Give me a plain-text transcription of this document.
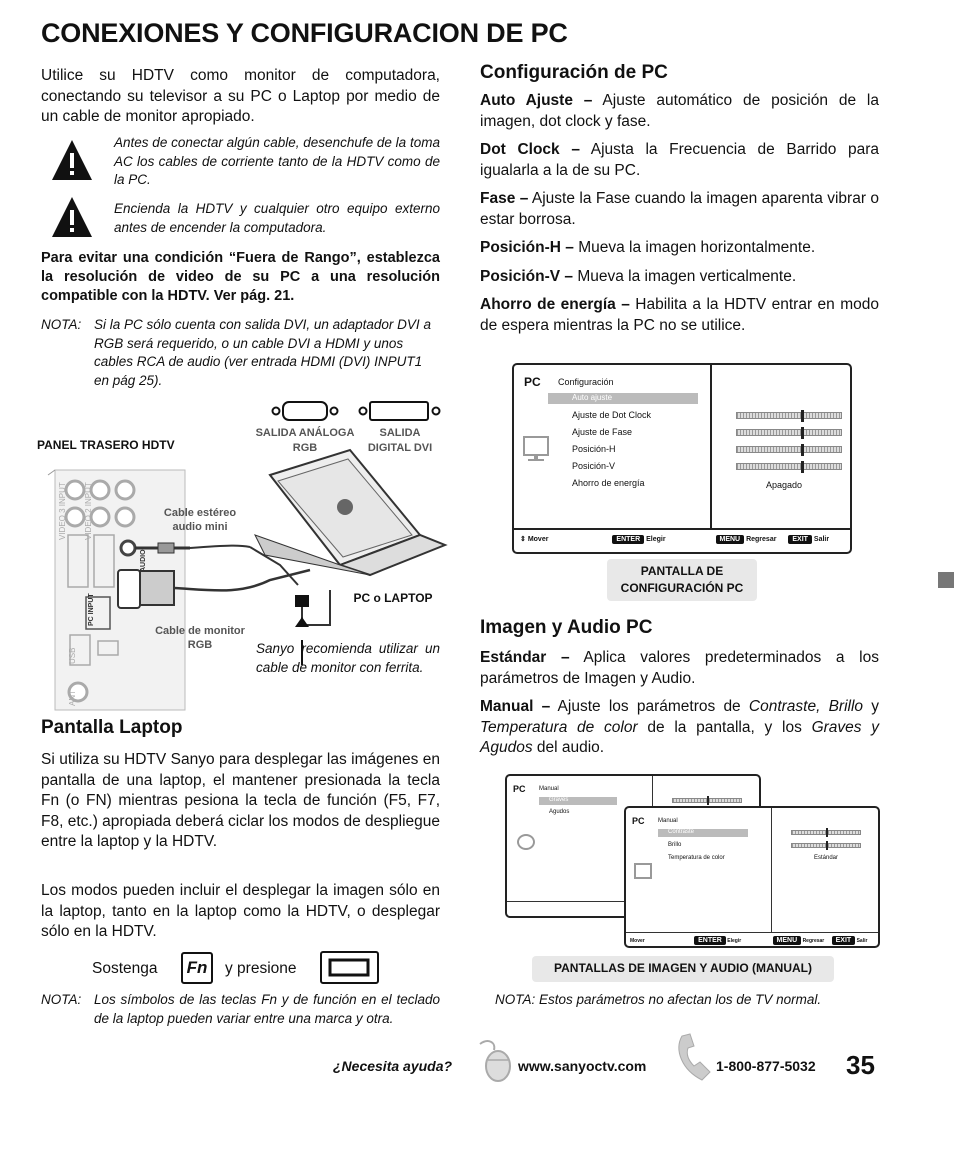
CONEXIONES Y CONFIGURACION DE PC
Utilice su HDTV como monitor de computadora, conectando su televisor a su PC o Laptop por medio de un cable de monitor apropiado.
Antes de conectar algún cable, desenchufe de la toma AC los cables de corriente tanto de la HDTV como de la PC.
Encienda la HDTV y cualquier otro equipo externo antes de encender la computadora.
Para evitar una condición “Fuera de Rango”, establezca la resolución de video de su PC a una resolución compatible con la HDTV. Ver pág. 21.
NOTA: Si la PC sólo cuenta con salida DVI, un adaptador DVI a RGB será requerido, o un cable DVI a HDMI y unos cables RCA de audio (ver entrada HDMI (DVI) INPUT1 en pág 25).
SALIDA ANÁLOGA RGB
SALIDA DIGITAL DVI
PANEL TRASERO HDTV
Cable estéreo audio mini
Cable de monitor RGB
PC o LAPTOP
Sanyo recomienda utilizar un cable de monitor con ferrita.
VIDEO 3 INPUT
VIDEO 2 INPUT
AUDIO
PC INPUT
USB
ANT
Pantalla Laptop
Si utiliza su HDTV Sanyo para desplegar las imágenes en pantalla de una laptop, el mantener presionada la tecla Fn (o FN) mientras pesiona la tecla de función (F5, F7, F8, etc.) apropiada deberá ciclar los modos de despliegue entre la laptop y la HDTV.
Los modos pueden incluir el desplegar la imagen sólo en la laptop, tanto en la laptop como la HDTV, o desplegar sólo en la HDTV.
Sostenga	Fn	y presione
NOTA: Los símbolos de las teclas Fn y de función en el teclado de la laptop pueden variar entre una marca y otra.
Configuración de PC
Auto Ajuste – Ajuste automático de posición de la imagen, dot clock y fase.
Dot Clock – Ajusta la Frecuencia de Barrido para igualarla a la de su PC.
Fase – Ajuste la Fase cuando la imagen aparenta vibrar o estar borrosa.
Posición-H – Mueva la imagen horizontalmente.
Posición-V – Mueva la imagen verticalmente.
Ahorro de energía – Habilita a la HDTV entrar en modo de espera mientras la PC no se utilice.
PC Configuración
Apagado
⇕ Mover	ENTER Elegir	MENU Regresar EXIT Salir
Auto ajuste
Ajuste de Dot Clock
Ajuste de Fase
Posición-H
Posición-V
Ahorro de energía
PANTALLA DE CONFIGURACIÓN PC
Imagen y Audio PC
Estándar – Aplica valores predeterminados a los parámetros de Imagen y Audio.
Manual – Ajuste los parámetros de Contraste, Brillo y Temperatura de color de la pantalla, y los Graves y Agudos del audio.
PC Manual
Graves
Agudos
PC Manual
Contraste
Brillo
Temperatura de color	Estándar
Mover	ENTER Elegir	MENU Regresar EXIT Salir
PANTALLAS DE IMAGEN Y AUDIO (MANUAL)
NOTA: Estos parámetros no afectan los de TV normal.
¿Necesita ayuda?	www.sanyoctv.com	1-800-877-5032 35
